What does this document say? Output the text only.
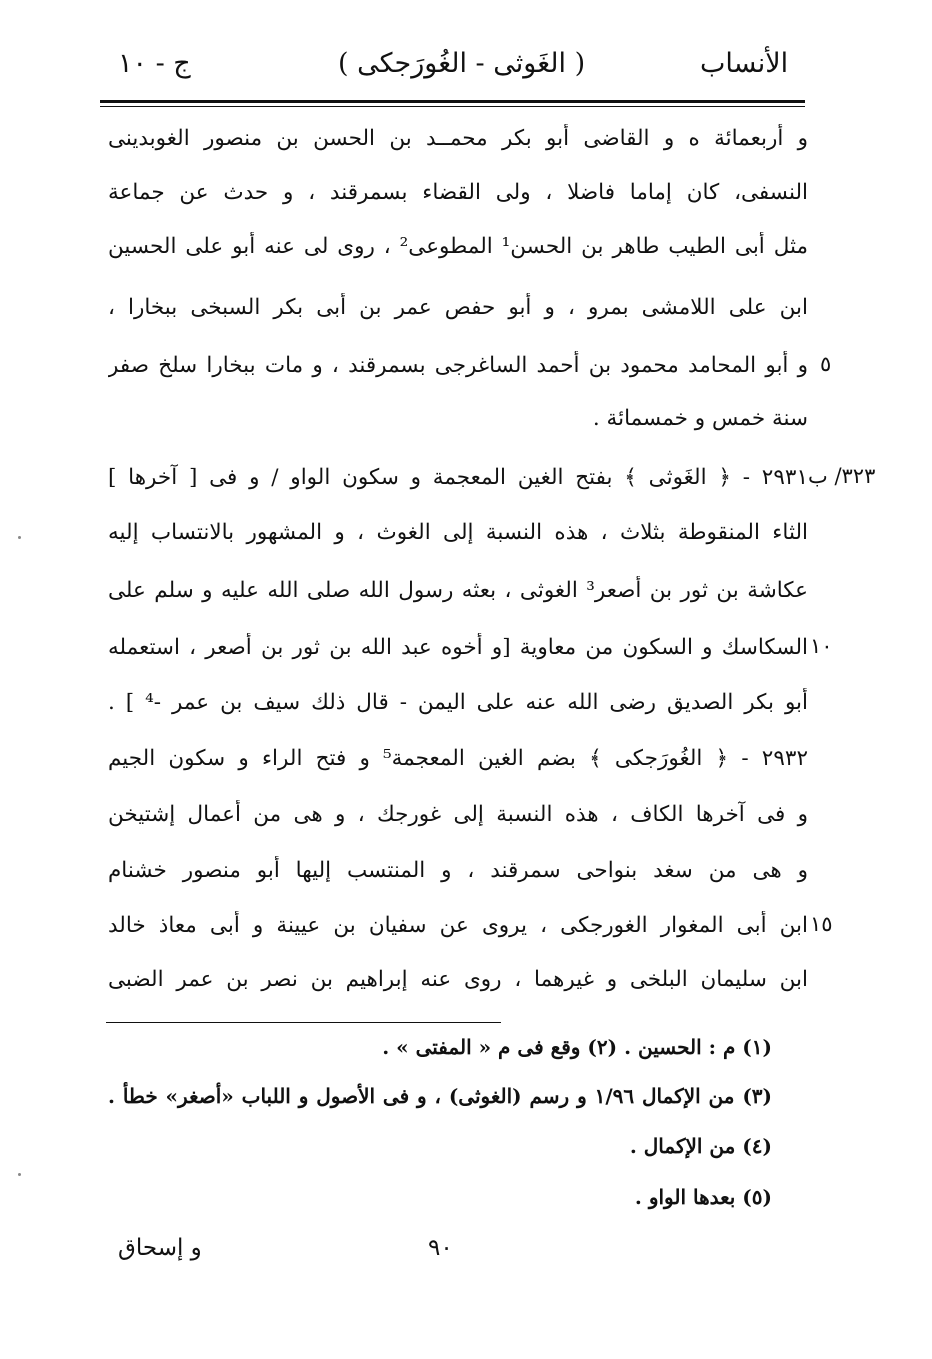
ج - ١٠	( الغَوثى - الغُورَجكى )	الأنساب
و أربعمائة ه و القاضى أبو بكر محمــد بن الحسن بن منصور الغوبدينى
النسفى، كان إماما فاضلا ، ولى القضاء بسمرقند ، و حدث عن جماعة
مثل أبى الطيب طاهر بن الحسن¹ المطوعى² ، روى لى عنه أبو على الحسين
ابن على اللامشى بمرو ، و أبو حفص عمر بن أبى بكر السبخى ببخارا ،
و أبو المحامد محمود بن أحمد الساغرجى بسمرقند ، و مات ببخارا سلخ صفر
سنة خمس و خمسمائة .
٢٩٣١ - ﴿ الغَوثى ﴾ بفتح الغين المعجمة و سكون الواو / و فى [ آخرها ]
الثاء المنقوطة بثلاث ، هذه النسبة إلى الغوث ، و المشهور بالانتساب إليه
عكاشة بن ثور بن أصعر³ الغوثى ، بعثه رسول الله صلى الله عليه و سلم على
السكاسك و السكون من معاوية [و أخوه عبد الله بن ثور بن أصعر ، استعمله
أبو بكر الصديق رضى الله عنه على اليمن - قال ذلك سيف بن عمر -⁴ ] .
٢٩٣٢ - ﴿ الغُورَجكى ﴾ بضم الغين المعجمة⁵ و فتح الراء و سكون الجيم
و فى آخرها الكاف ، هذه النسبة إلى غورجك ، و هى من أعمال إشتيخن
و هى من سغد بنواحى سمرقند ، و المنتسب إليها أبو منصور خشنام
ابن أبى المغوار الغورجكى ، يروى عن سفيان بن عيينة و أبى معاذ خالد
ابن سليمان البلخى و غيرهما ، روى عنه إبراهيم بن نصر بن عمر الضبى
٥
١٠
١٥
٣٢٣/ ب
(١) م : الحسين . (٢) وقع فى م « المفتى » .
(٣) من الإكمال ١/٩٦ و رسم (الغوثى) ، و فى الأصول و اللباب «أصغر» خطأ .
(٤) من الإكمال .
(٥) بعدها الواو .
٩٠
و إسحاق
